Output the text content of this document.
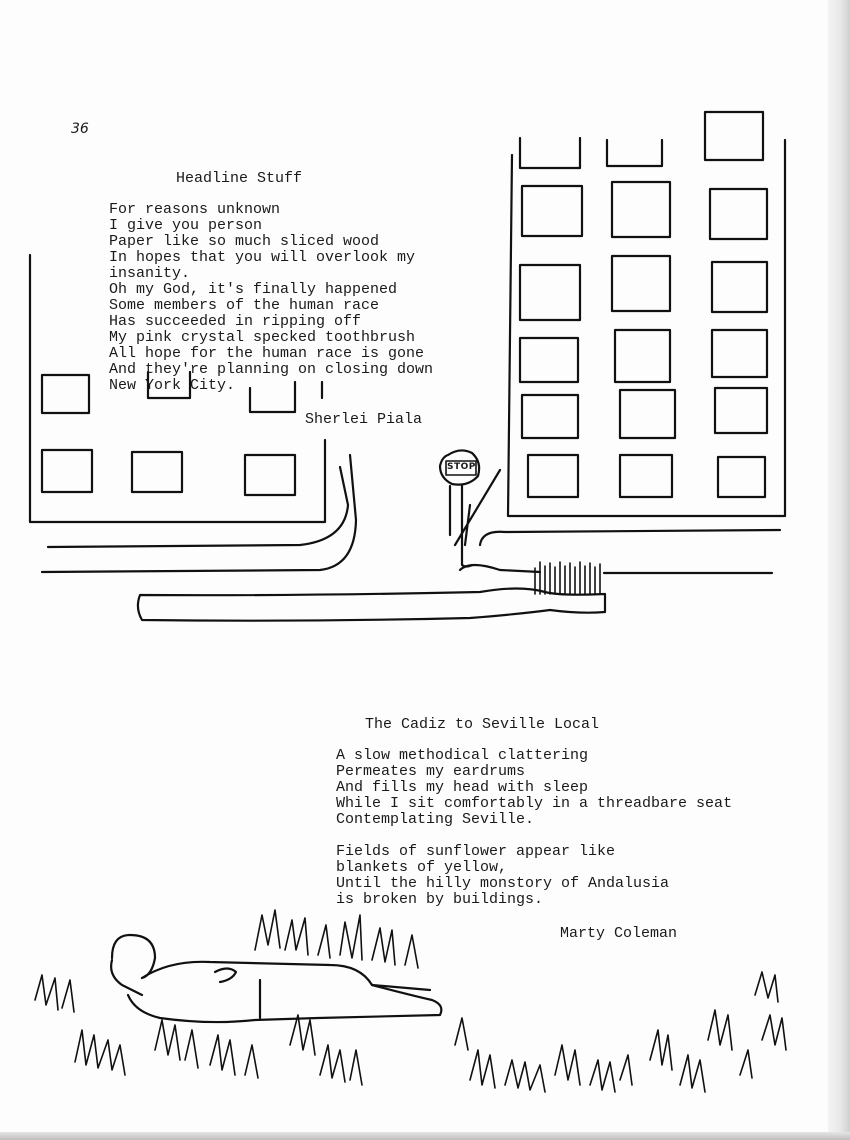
36
Headline Stuff
For reasons unknown
I give you person
Paper like so much sliced wood
In hopes that you will overlook my
insanity.
Oh my God, it's finally happened
Some members of the human race
Has succeeded in ripping off
My pink crystal specked toothbrush
All hope for the human race is gone
And they're planning on closing down
New York City.
Sherlei Piala
STOP
The Cadiz to Seville Local
A slow methodical clattering
Permeates my eardrums
And fills my head with sleep
While I sit comfortably in a threadbare seat
Contemplating Seville.
Fields of sunflower appear like
blankets of yellow,
Until the hilly monstory of Andalusia
is broken by buildings.
Marty Coleman
